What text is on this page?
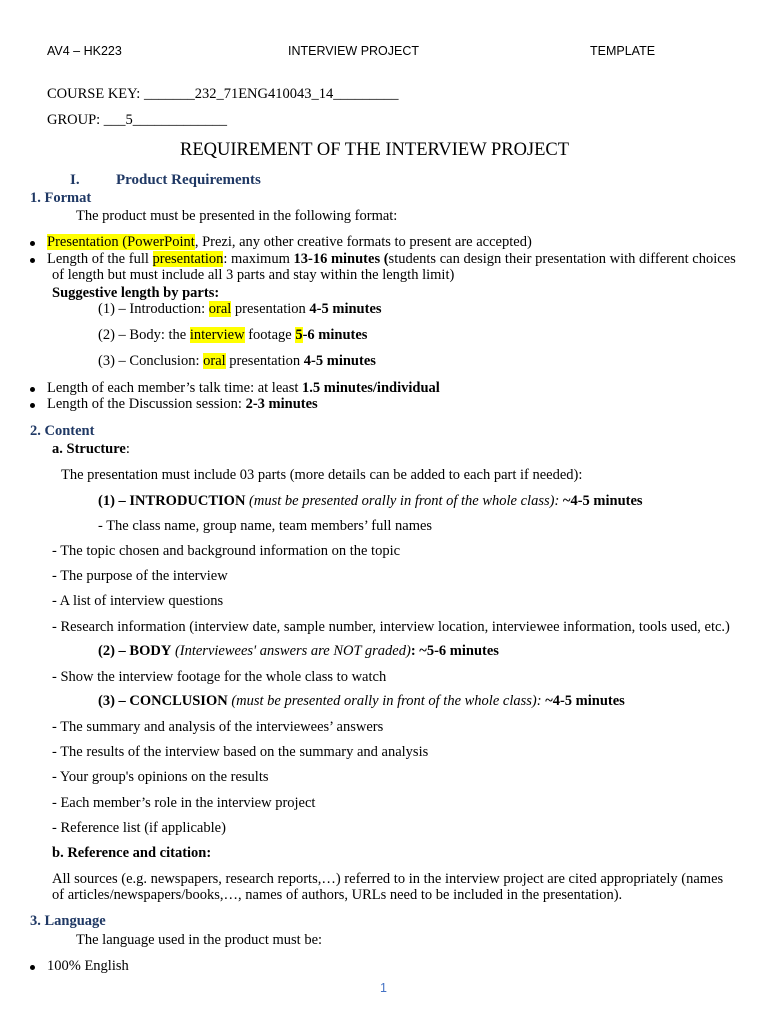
AV4 – HK223	INTERVIEW PROJECT	TEMPLATE
COURSE KEY: _______232_71ENG410043_14_________
GROUP: ___5_____________
REQUIREMENT OF THE INTERVIEW PROJECT
I. Product Requirements
1. Format
The product must be presented in the following format:
Presentation (PowerPoint, Prezi, any other creative formats to present are accepted)
Length of the full presentation: maximum 13-16 minutes (students can design their presentation with different choices
of length but must include all 3 parts and stay within the length limit)
Suggestive length by parts:
(1) – Introduction: oral presentation 4-5 minutes
(2) – Body: the interview footage 5-6 minutes
(3) – Conclusion: oral presentation 4-5 minutes
Length of each member’s talk time: at least 1.5 minutes/individual
Length of the Discussion session: 2-3 minutes
2. Content
a. Structure:
The presentation must include 03 parts (more details can be added to each part if needed):
(1) – INTRODUCTION (must be presented orally in front of the whole class): ~4-5 minutes
- The class name, group name, team members’ full names
- The topic chosen and background information on the topic
- The purpose of the interview
- A list of interview questions
- Research information (interview date, sample number, interview location, interviewee information, tools used, etc.)
(2) – BODY (Interviewees' answers are NOT graded): ~5-6 minutes
- Show the interview footage for the whole class to watch
(3) – CONCLUSION (must be presented orally in front of the whole class): ~4-5 minutes
- The summary and analysis of the interviewees’ answers
- The results of the interview based on the summary and analysis
- Your group's opinions on the results
- Each member’s role in the interview project
- Reference list (if applicable)
b. Reference and citation:
All sources (e.g. newspapers, research reports,…) referred to in the interview project are cited appropriately (names
of articles/newspapers/books,…, names of authors, URLs need to be included in the presentation).
3. Language
The language used in the product must be:
100% English
1
